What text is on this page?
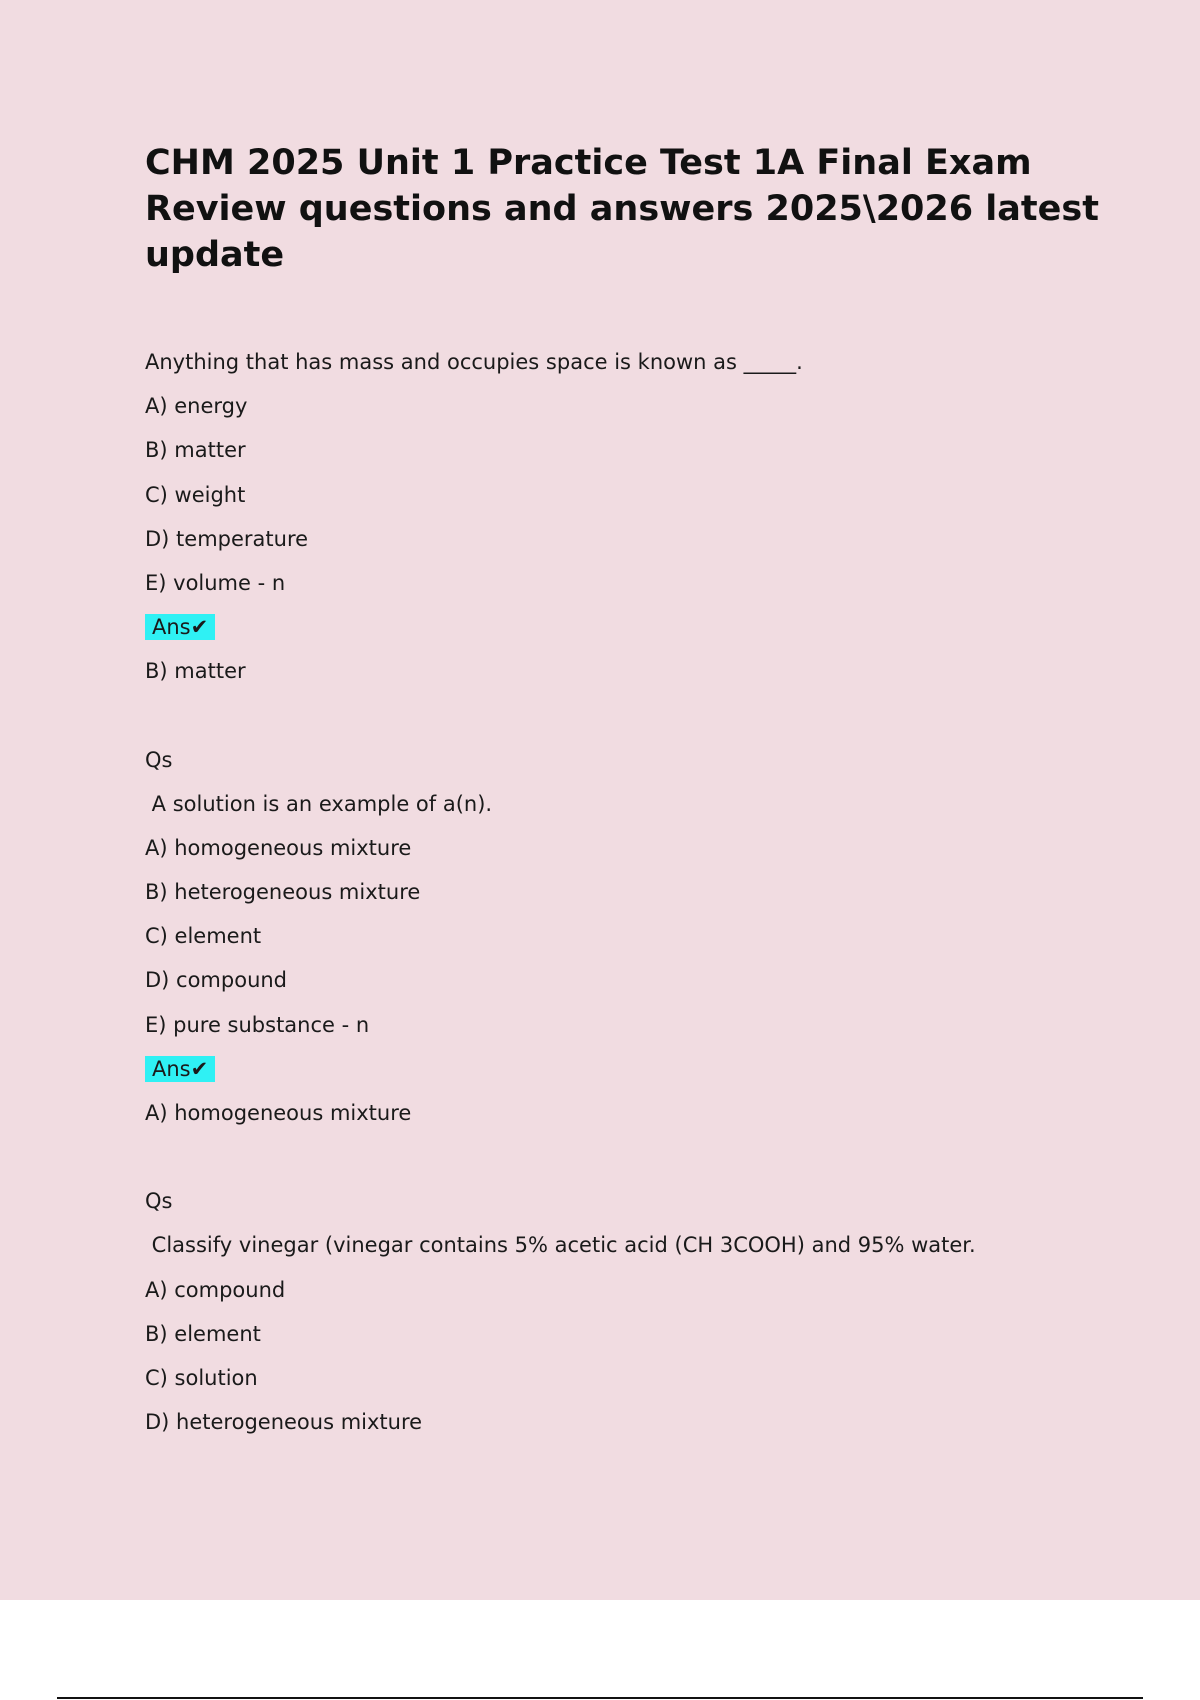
CHM 2025 Unit 1 Practice Test 1A Final Exam Review questions and answers 2025\2026 latest update
Anything that has mass and occupies space is known as _____.
A) energy
B) matter
C) weight
D) temperature
E) volume - n
Ans✔
B) matter
Qs
A solution is an example of a(n).
A) homogeneous mixture
B) heterogeneous mixture
C) element
D) compound
E) pure substance - n
Ans✔
A) homogeneous mixture
Qs
Classify vinegar (vinegar contains 5% acetic acid (CH 3COOH) and 95% water.
A) compound
B) element
C) solution
D) heterogeneous mixture
